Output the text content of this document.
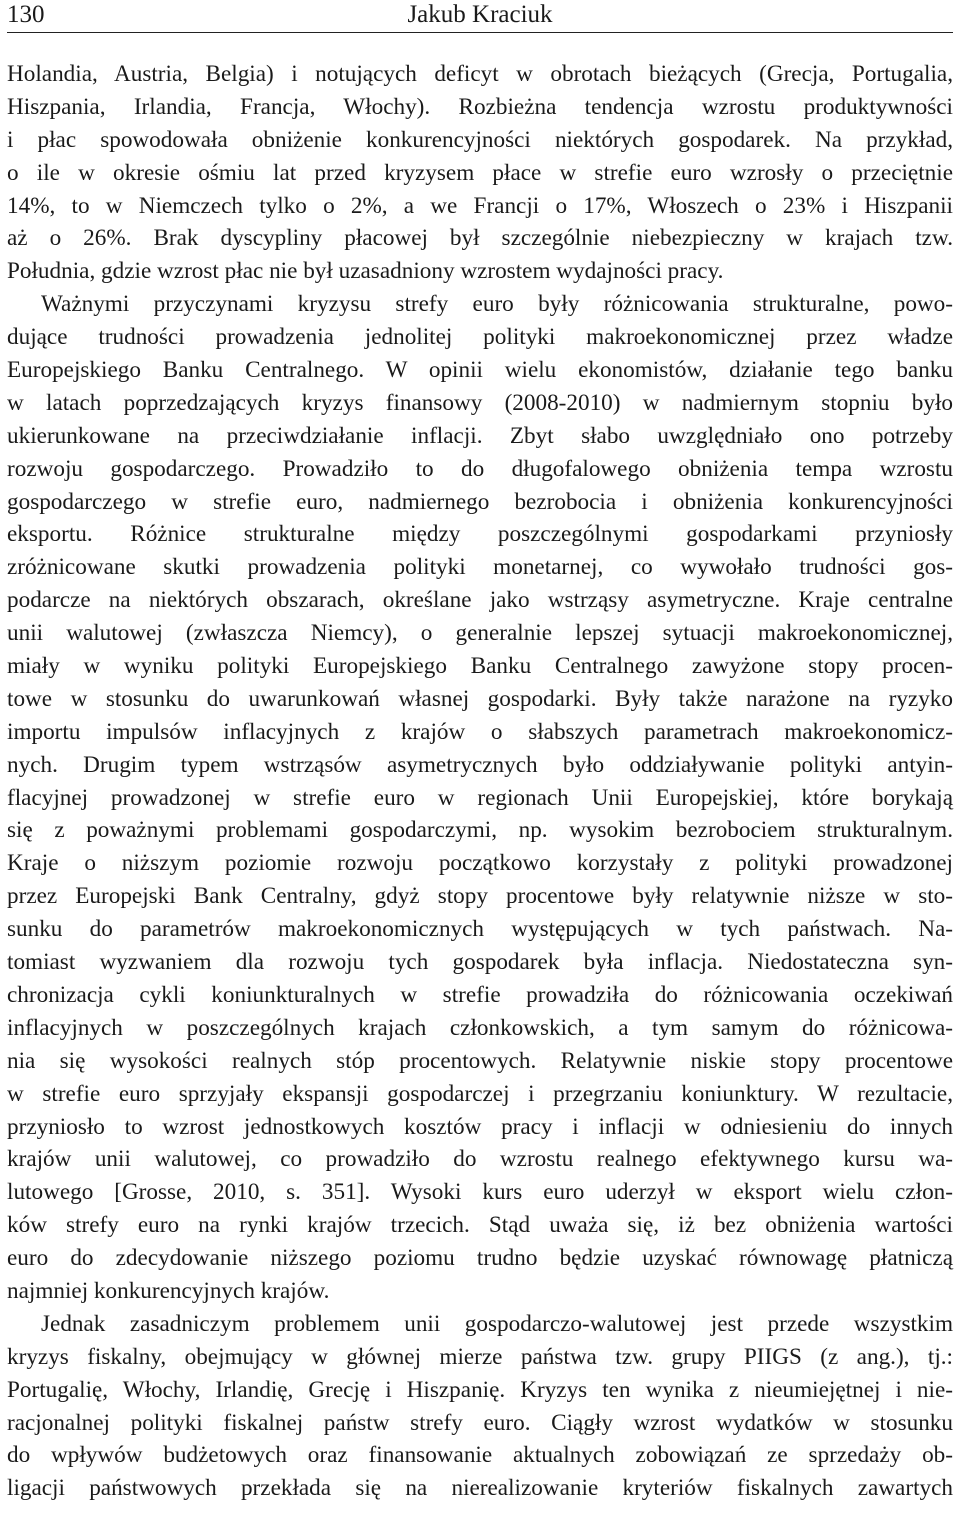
130	Jakub Kraciuk
Holandia, Austria, Belgia) i notujących deficyt w obrotach bieżących (Grecja, Portugalia,
Hiszpania, Irlandia, Francja, Włochy). Rozbieżna tendencja wzrostu produktywności
i płac spowodowała obniżenie konkurencyjności niektórych gospodarek. Na przykład,
o ile w okresie ośmiu lat przed kryzysem płace w strefie euro wzrosły o przeciętnie
14%, to w Niemczech tylko o 2%, a we Francji o 17%, Włoszech o 23% i Hiszpanii
aż o 26%. Brak dyscypliny płacowej był szczególnie niebezpieczny w krajach tzw.
Południa, gdzie wzrost płac nie był uzasadniony wzrostem wydajności pracy.
Ważnymi przyczynami kryzysu strefy euro były różnicowania strukturalne, powo-
dujące trudności prowadzenia jednolitej polityki makroekonomicznej przez władze
Europejskiego Banku Centralnego. W opinii wielu ekonomistów, działanie tego banku
w latach poprzedzających kryzys finansowy (2008-2010) w nadmiernym stopniu było
ukierunkowane na przeciwdziałanie inflacji. Zbyt słabo uwzględniało ono potrzeby
rozwoju gospodarczego. Prowadziło to do długofalowego obniżenia tempa wzrostu
gospodarczego w strefie euro, nadmiernego bezrobocia i obniżenia konkurencyjności
eksportu. Różnice strukturalne między poszczególnymi gospodarkami przyniosły
zróżnicowane skutki prowadzenia polityki monetarnej, co wywołało trudności gos-
podarcze na niektórych obszarach, określane jako wstrząsy asymetryczne. Kraje centralne
unii walutowej (zwłaszcza Niemcy), o generalnie lepszej sytuacji makroekonomicznej,
miały w wyniku polityki Europejskiego Banku Centralnego zawyżone stopy procen-
towe w stosunku do uwarunkowań własnej gospodarki. Były także narażone na ryzyko
importu impulsów inflacyjnych z krajów o słabszych parametrach makroekonomicz-
nych. Drugim typem wstrząsów asymetrycznych było oddziaływanie polityki antyin-
flacyjnej prowadzonej w strefie euro w regionach Unii Europejskiej, które borykają
się z poważnymi problemami gospodarczymi, np. wysokim bezrobociem strukturalnym.
Kraje o niższym poziomie rozwoju początkowo korzystały z polityki prowadzonej
przez Europejski Bank Centralny, gdyż stopy procentowe były relatywnie niższe w sto-
sunku do parametrów makroekonomicznych występujących w tych państwach. Na-
tomiast wyzwaniem dla rozwoju tych gospodarek była inflacja. Niedostateczna syn-
chronizacja cykli koniunkturalnych w strefie prowadziła do różnicowania oczekiwań
inflacyjnych w poszczególnych krajach członkowskich, a tym samym do różnicowa-
nia się wysokości realnych stóp procentowych. Relatywnie niskie stopy procentowe
w strefie euro sprzyjały ekspansji gospodarczej i przegrzaniu koniunktury. W rezultacie,
przyniosło to wzrost jednostkowych kosztów pracy i inflacji w odniesieniu do innych
krajów unii walutowej, co prowadziło do wzrostu realnego efektywnego kursu wa-
lutowego [Grosse, 2010, s. 351]. Wysoki kurs euro uderzył w eksport wielu człon-
ków strefy euro na rynki krajów trzecich. Stąd uważa się, iż bez obniżenia wartości
euro do zdecydowanie niższego poziomu trudno będzie uzyskać równowagę płatniczą
najmniej konkurencyjnych krajów.
Jednak zasadniczym problemem unii gospodarczo-walutowej jest przede wszystkim
kryzys fiskalny, obejmujący w głównej mierze państwa tzw. grupy PIIGS (z ang.), tj.:
Portugalię, Włochy, Irlandię, Grecję i Hiszpanię. Kryzys ten wynika z nieumiejętnej i nie-
racjonalnej polityki fiskalnej państw strefy euro. Ciągły wzrost wydatków w stosunku
do wpływów budżetowych oraz finansowanie aktualnych zobowiązań ze sprzedaży ob-
ligacji państwowych przekłada się na nierealizowanie kryteriów fiskalnych zawartych
